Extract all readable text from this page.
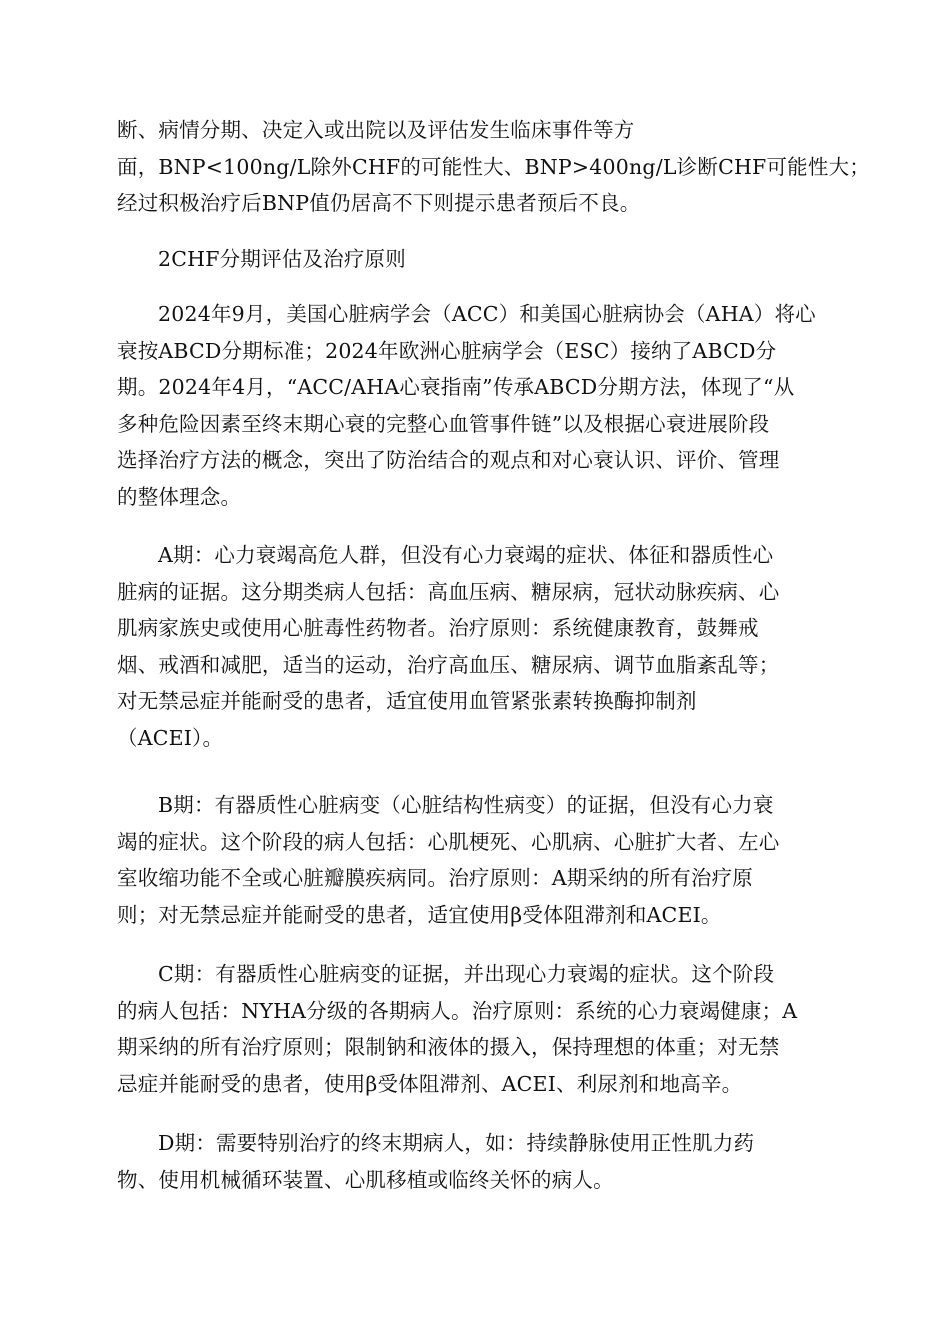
断、病情分期、决定入或出院以及评估发生临床事件等方
面，BNP<100ng/L除外CHF的可能性大、BNP>400ng/L诊断CHF可能性大；
经过积极治疗后BNP值仍居高不下则提示患者预后不良。
2CHF分期评估及治疗原则
2024年9月，美国心脏病学会（ACC）和美国心脏病协会（AHA）将心
衰按ABCD分期标准；2024年欧洲心脏病学会（ESC）接纳了ABCD分
期。2024年4月，“ACC/AHA心衰指南”传承ABCD分期方法，体现了“从
多种危险因素至终末期心衰的完整心血管事件链”以及根据心衰进展阶段
选择治疗方法的概念，突出了防治结合的观点和对心衰认识、评价、管理
的整体理念。
A期：心力衰竭高危人群，但没有心力衰竭的症状、体征和器质性心
脏病的证据。这分期类病人包括：高血压病、糖尿病，冠状动脉疾病、心
肌病家族史或使用心脏毒性药物者。治疗原则：系统健康教育，鼓舞戒
烟、戒酒和减肥，适当的运动，治疗高血压、糖尿病、调节血脂紊乱等；
对无禁忌症并能耐受的患者，适宜使用血管紧张素转换酶抑制剂
（ACEI）。
B期：有器质性心脏病变（心脏结构性病变）的证据，但没有心力衰
竭的症状。这个阶段的病人包括：心肌梗死、心肌病、心脏扩大者、左心
室收缩功能不全或心脏瓣膜疾病同。治疗原则：A期采纳的所有治疗原
则；对无禁忌症并能耐受的患者，适宜使用β受体阻滞剂和ACEI。
C期：有器质性心脏病变的证据，并出现心力衰竭的症状。这个阶段
的病人包括：NYHA分级的各期病人。治疗原则：系统的心力衰竭健康；A
期采纳的所有治疗原则；限制钠和液体的摄入，保持理想的体重；对无禁
忌症并能耐受的患者，使用β受体阻滞剂、ACEI、利尿剂和地高辛。
D期：需要特别治疗的终末期病人，如：持续静脉使用正性肌力药
物、使用机械循环装置、心肌移植或临终关怀的病人。
